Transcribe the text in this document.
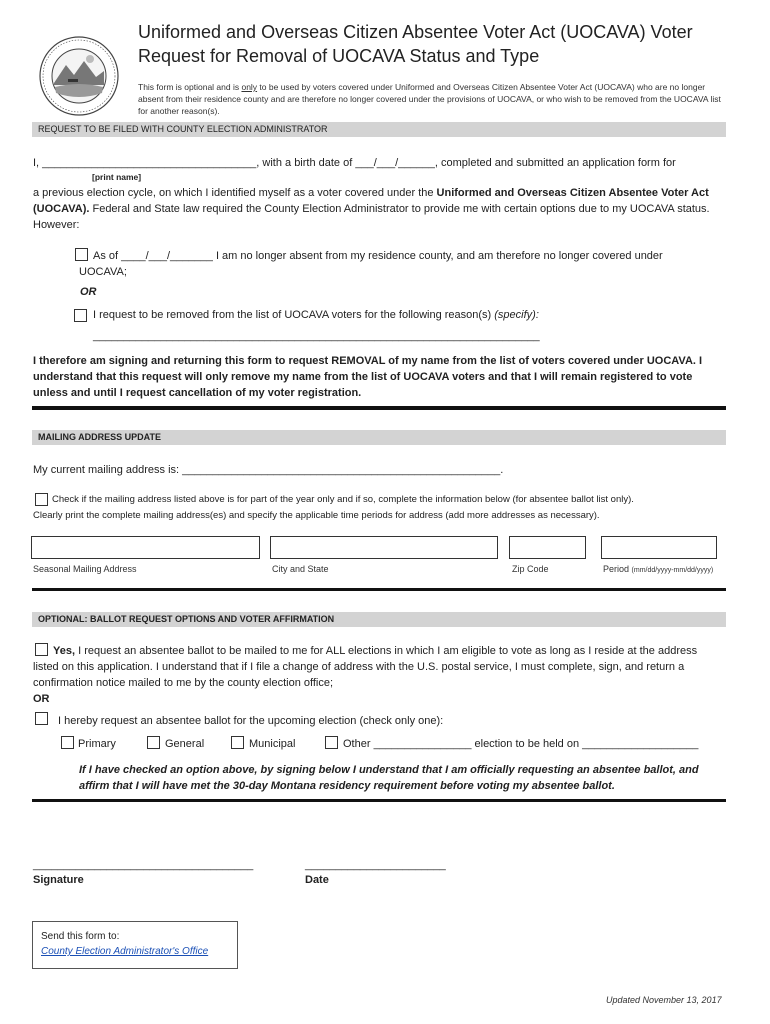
Uniformed and Overseas Citizen Absentee Voter Act (UOCAVA) Voter Request for Removal of UOCAVA Status and Type
This form is optional and is only to be used by voters covered under Uniformed and Overseas Citizen Absentee Voter Act (UOCAVA) who are no longer absent from their residence county and are therefore no longer covered under the provisions of UOCAVA, or who wish to be removed from the UOCAVA list for another reason(s).
REQUEST TO BE FILED WITH COUNTY ELECTION ADMINISTRATOR
I, ___________________________________, with a birth date of ___/___/______, completed and submitted an application form for
[print name]
a previous election cycle, on which I identified myself as a voter covered under the Uniformed and Overseas Citizen Absentee Voter Act (UOCAVA). Federal and State law required the County Election Administrator to provide me with certain options due to my UOCAVA status. However:
As of ____/___/_______ I am no longer absent from my residence county, and am therefore no longer covered under
UOCAVA;
OR
I request to be removed from the list of UOCAVA voters for the following reason(s) (specify):
_________________________________________________________________________
I therefore am signing and returning this form to request REMOVAL of my name from the list of voters covered under UOCAVA. I understand that this request will only remove my name from the list of UOCAVA voters and that I will remain registered to vote unless and until I request cancellation of my voter registration.
MAILING ADDRESS UPDATE
My current mailing address is: ____________________________________________________.
Check if the mailing address listed above is for part of the year only and if so, complete the information below (for absentee ballot list only).
Clearly print the complete mailing address(es) and specify the applicable time periods for address (add more addresses as necessary).
Seasonal Mailing Address	City and State	Zip Code	Period (mm/dd/yyyy-mm/dd/yyyy)
OPTIONAL: BALLOT REQUEST OPTIONS AND VOTER AFFIRMATION
Yes, I request an absentee ballot to be mailed to me for ALL elections in which I am eligible to vote as long as I reside at the address listed on this application. I understand that if I file a change of address with the U.S. postal service, I must complete, sign, and return a confirmation notice mailed to me by the county election office;
OR
I hereby request an absentee ballot for the upcoming election (check only one):
Primary	General	Municipal	Other ________________ election to be held on ___________________
If I have checked an option above, by signing below I understand that I am officially requesting an absentee ballot, and affirm that I will have met the 30-day Montana residency requirement before voting my absentee ballot.
____________________________________
Signature
_______________________
Date
Send this form to:
County Election Administrator's Office
Updated November 13, 2017
